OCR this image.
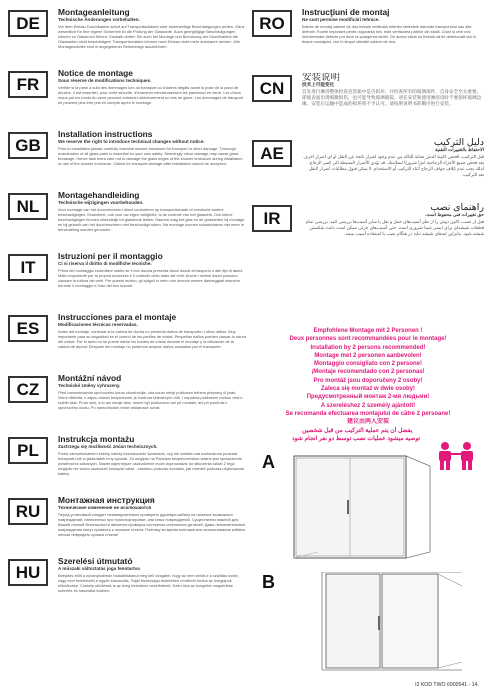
DE
Montageanleitung
Technische Änderungen vorbehalten.
Vor dem Einbau Duschkabine sofort auf Transportschäden oder anderweitige Beschädigungen prüfen. Ganz wesentlich für Ihre eigene Sicherheit ist die Prüfung der Glaskante. Auch geringfügige Beschädigungen können zu Glasbruch führen. Deshalb dürfen Sie auch bei Montage und Benutzung der Duschkabine die Glaskanten nicht beschädigen! Transportschäden können nach Einbau nicht mehr anerkannt werden. Alle Montageschritte sind in angegebener Reihenfolge auszuführen.
FR
Notice de montage
Sous réserve de modifications techniques.
Vérifier si la paroi a subi des dommages lors du transport ou d'autres dégâts avant la pose de la paroi de douche. Il est essentiel, pour votre sécurité, d'examiner minutieusement les panneaux en verre. Les chocs reçus par les bords du verre peuvent entraîner ultérieurement un bris de glace. Les dommages de transport ne peuvent plus être pris en compte après le montage.
GB
Installation instructions
We reserve the right to introduce technical changes without notice.
Prior to installation please carefully examine shower enclosure for transport or other damage. Thorough examination of all glass parts is essential for your own safety. Seemingly minor damage may cause glass breakage. Hence take extra care not to damage the glass edges of the shower enclosure during installation or use of the shower enclosure. Claims for transport damage after installation cannot be accepted.
NL
Montagehandleiding
Technische wijzigingen voorbehouden.
Voor montage van het douchescherm direct controleren op transportschade of eventuele andere beschadigingen. Essentieel, ook voor uw eigen veiligheid, is de controle van het glaswerk. Ook kleine beschadigingen kunnen uiteindelijk tot glasbreuk leiden. Daarom mag het glas en de glaskanten bij montage en bij gebruik van het douchescherm niet beschadigd raken. Na montage kunnen schadeclaims niet meer in behandeling worden genomen.
IT
Istruzioni per il montaggio
Ci si riserva il diritto di modifiche tecniche.
Prima del montaggio controllare subito se il box doccia presenta danni dovuti al trasporto o altri tipi di danni. Molto importante per la propria sicurezza è il controllo dello stato dei vetri. Anche i minimi danni possono causare la rottura dei vetri. Per questo motivo, gli spigoli in vetro non devono essere danneggiati neanche durante il montaggio e l'uso del box doccia!
ES
Instrucciones para el montaje
Modificaciones técnicas reservadas.
Antes del montaje, controlar si la cabina de ducha no presenta daños de transporte u otros daños. Muy importante para su seguridad es el control de los perfiles de cristal. Pequeñas daños pueden causar la rotura del cristal. Por lo tanto no se puede dañar los bordes de cristal durante el montaje y la utilización de la cabina de ducha! Después del montaje no podemos aceptar daños causados por el transporte.
CZ
Montážní návod
Technické změny vyhrazeny.
Před namontováním sprchového koutu zkontrolujte, zda koutu nebyl poškozen během přepravy či jinak. Velmi důležitá, v zájmu vlastní bezpečnosti, je kontrola skleněných dílů. I nepatrná poškození mohou vést k rozbití skla. Proto sklo, a to ani okraje skla, nesmí být poškozeno ani při montáži, ani při používání sprchového koutu. Po namontování nelze reklamace uznat.
PL
Instrukcja montażu
Zastrzega się możliwość zmian technicznych.
Przed zamontowaniem kabiny należy bezzwłocznie sprawdzić, czy nie została ona uszkodzona podczas transportu lub w jakikolwiek inny sposób. Ze względu na Państwa bezpieczeństwo ważne jest sprawdzenie powierzchni szklanych. Nawet najmniejsze uszkodzenie może doprowadzić do stłuczenia szkła! Z tego względu nie wolno uszkodzić krawędzi szkła - zarówno podczas montażu, jak również podczas użytkowania kabiny.
RU
Монтажная инструкция
Технические изменения не исключаются
Перед установкой следует незамедлительно проверить душевую кабину на наличие возможных повреждений, нанесенных при транспортировке, или иных повреждений. Существенно важной для Вашей личной безопасности является проверка состояния стеклянных деталей. Даже незначительные повреждения могут привести к поломке стекла. Поэтому во время монтажа или использования кабины нельзя повредить кромки стекла!
HU
Szerelési útmutató
A műszaki változtatás joga fenntartva
Beépítés előtt a zuhanykabinon haladéktalanul meg kell vizsgálni, hogy az nem sérült-e a szállítás során, vagy nem keletkezett-e egyéb károsodás. Saját biztonsága érdekében rendkívül fontos az üveglapok ellenőrzése. Csekély sérülések is az üveg töréséhez vezethetnek. Ezért tilos az üvegélek megsértése szerelés és használat közben.
RO
Instrucţiuni de montaj
Ne sunt permise modificări tehnice.
Înainte de montaj cabinei de duș trebuie verificată referitor defectele datorate transportului sau alte defecte. Foarte important pentru siguranța dvs. este verificarea părților din sticlă. Chiar și cele mai neînsemnate defecte pot duce la spargerea sticlei. De aceea sticla nu trebuie să fie deteriorată nici în timpul montajului, nici în timpul utilizării cabinei de duș.
CN
安装说明
技术上可能变化
首先进行淋浴整体检查包装箱中是否损坏，并检查所有的玻璃部件，自身安全至关重要。即使表面出现细微损伤，也可能导致玻璃破裂。请在安装和使用淋浴房时不要损坏玻璃边缘。安装后运输中造成的损坏将不予认可。请按照说明书的顺序进行安装。
AE
دليل التركيب
الاحتفاظ بالتغييرات التقنية
قبل التركيب، افحص كابينة الدش بعناية للتأكد من عدم وجود أضرار ناتجة عن النقل أو أي أضرار أخرى. يعد فحص جميع الأجزاء الزجاجية أمرًا ضروريًا لسلامتك. قد تؤدي الأضرار البسيطة إلى كسر الزجاج. لذلك يجب عدم إتلاف حواف الزجاج أثناء التركيب أو الاستخدام. لا يمكن قبول مطالبات أضرار النقل بعد التركيب.
IR
راهنمای نصب
حق تغییرات فنی محفوظ است.
قبل از نصب، کابین دوش را از نظر آسیب‌های حمل و نقل یا سایر آسیب‌ها بررسی کنید. بررسی تمام قطعات شیشه‌ای برای ایمنی شما ضروری است. حتی آسیب‌های جزئی ممکن است باعث شکستن شیشه شود. بنابراین لبه‌های شیشه نباید در هنگام نصب یا استفاده آسیب ببینند.
Empfohlene Montage mit 2 Personen !
Deux personnes sont recommandées pour le montage!
Installation by 2 persons recommended!
Montage met 2 personen aanbevolen!
Montaggio consigliato con 2 persone!
¡Montaje recomendado con 2 personas!
Pro montáž jsou doporučeny 2 osoby!
Zaleca się montaż w dwie osoby!
Предусмотренный монтаж 2-мя людьми!
A szereléshez 2 személy ajánlott!
Se recomanda efectuarea montajului de către 2 persoane!
建议由两人安装
يفضل أن يتم عملية التركيب من قبل شخصين
توصیه میشود عملیات نصب توسط دو نفر انجام شود
A
B
I2 KOD TWO 6900541 - 14.
